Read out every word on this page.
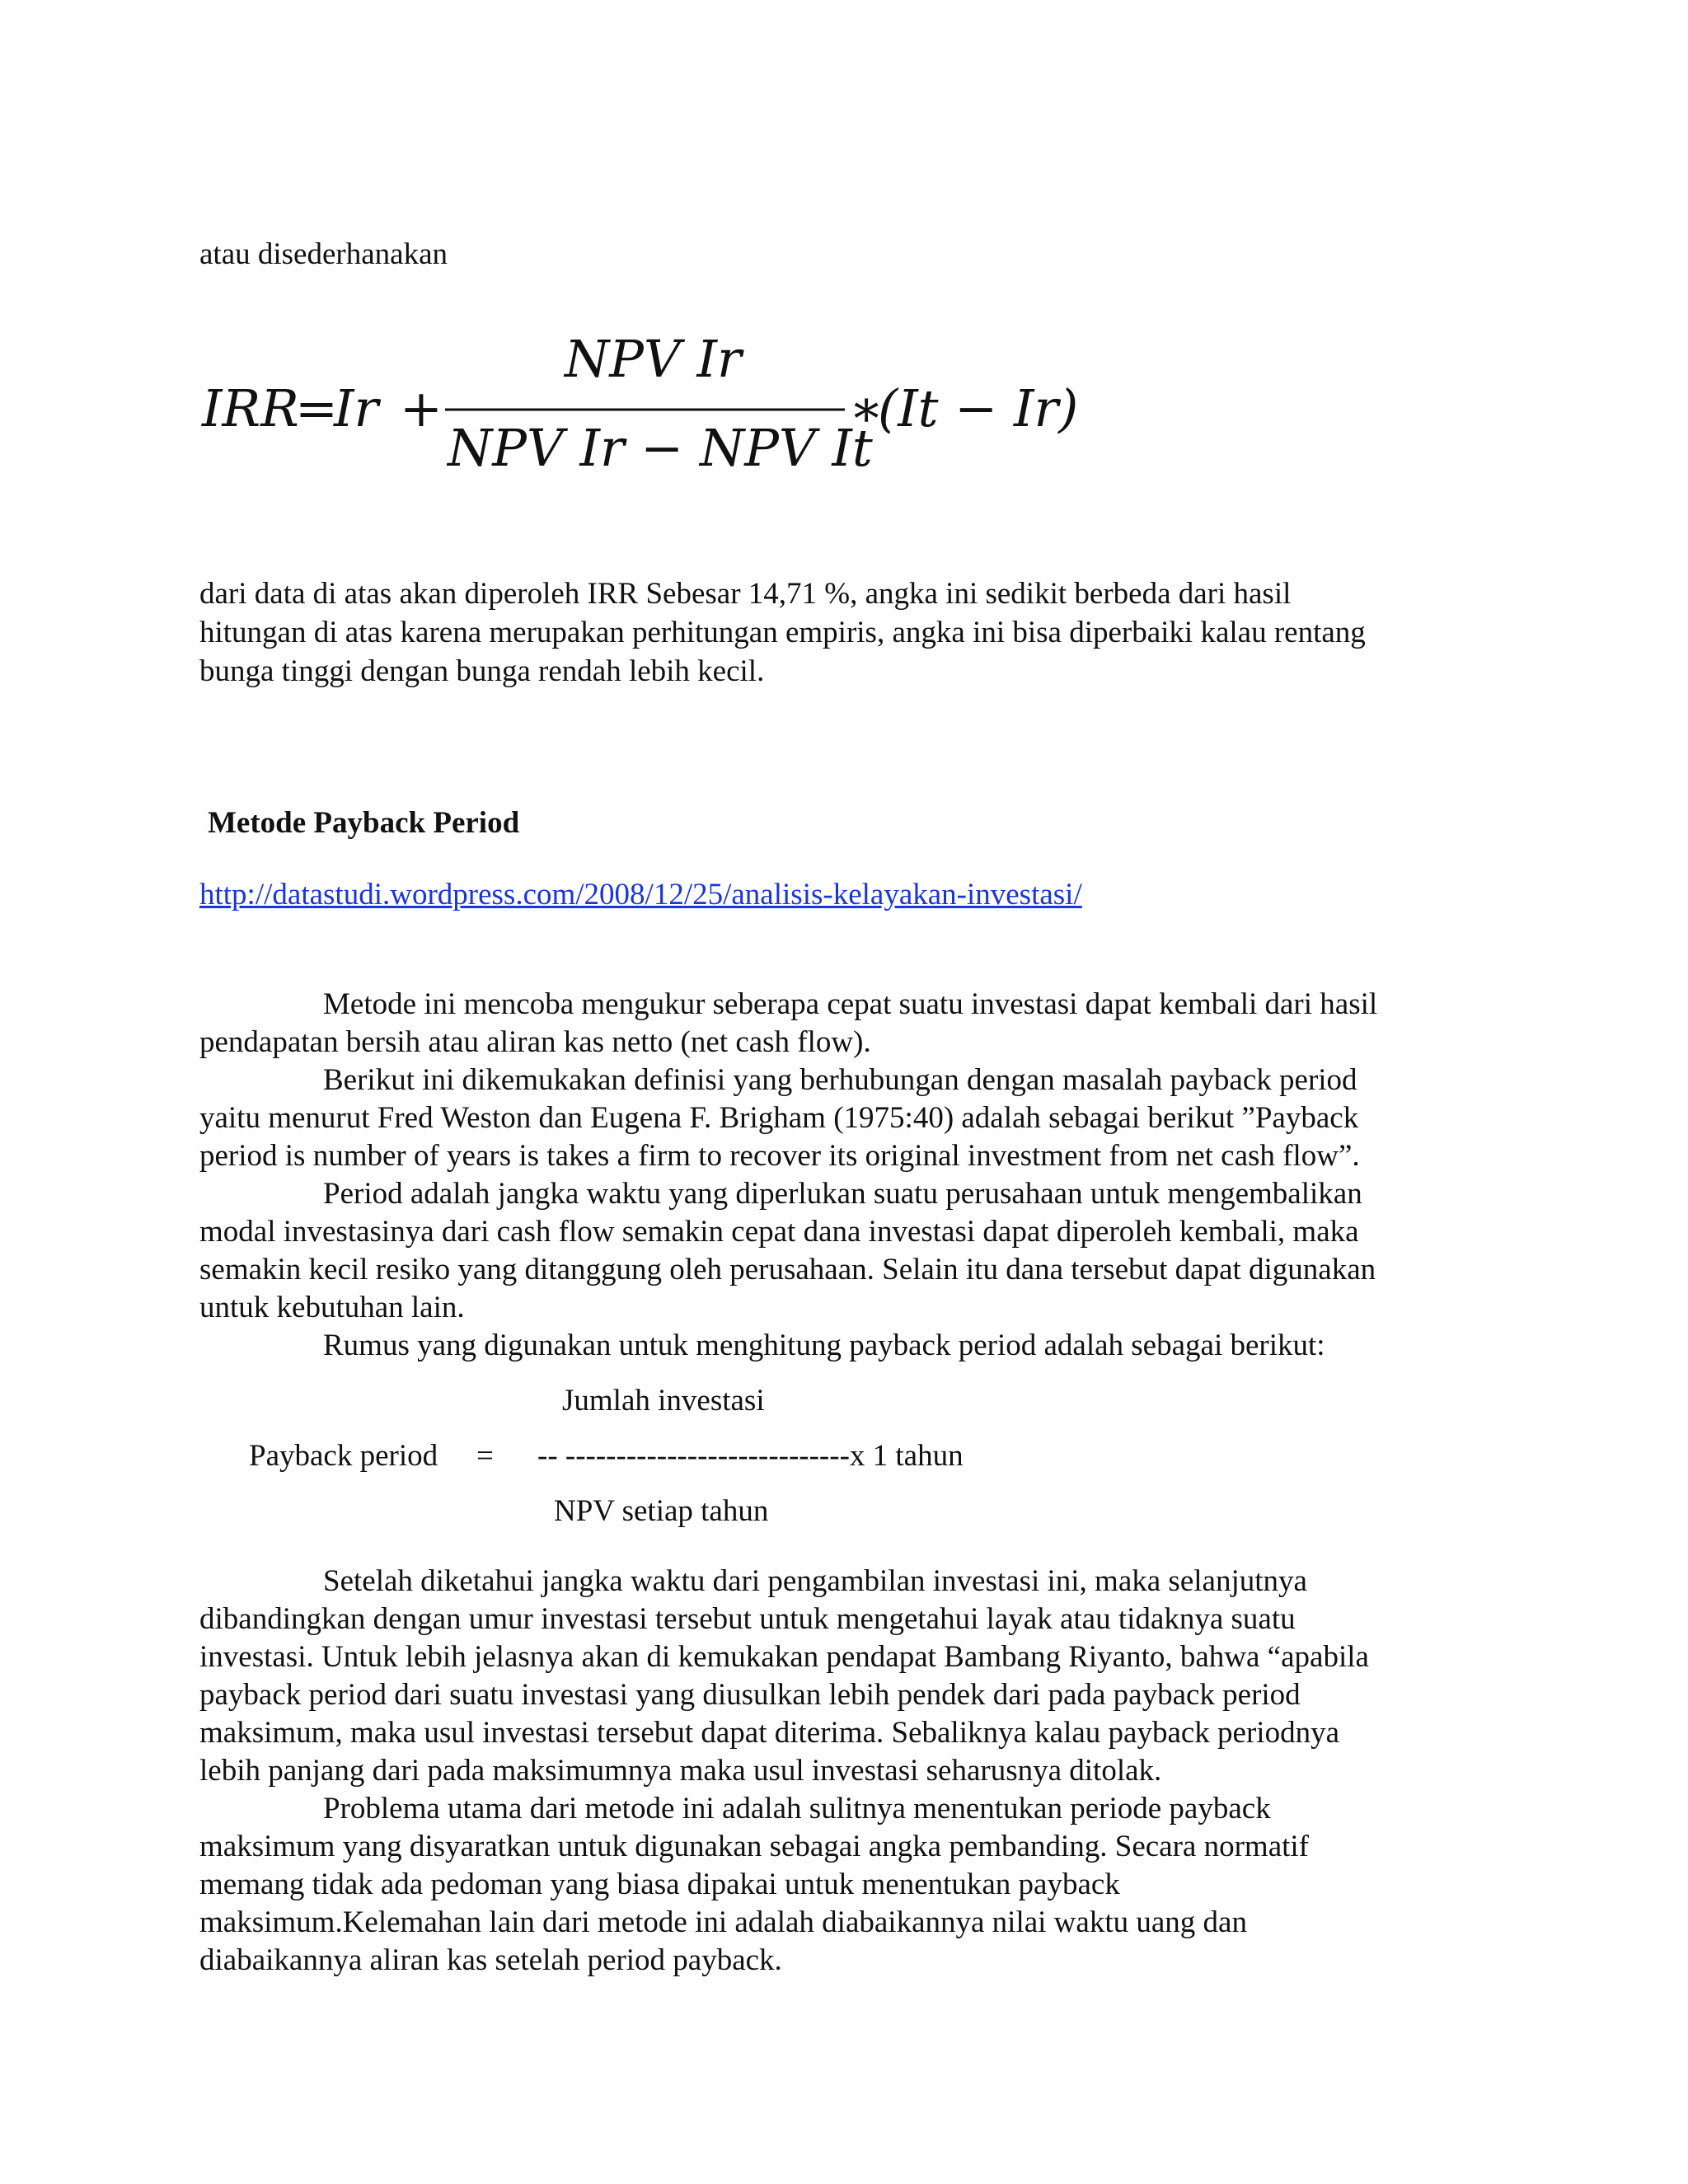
atau disederhanakan

IRR
=
Ir +
NPV Ir
NPV Ir − NPV It
∗
(It − Ir)

dari data di atas akan diperoleh IRR Sebesar 14,71 %, angka ini sedikit berbeda dari hasil

hitungan di atas karena merupakan perhitungan empiris, angka ini bisa diperbaiki kalau rentang

bunga tinggi dengan bunga rendah lebih kecil.

Metode Payback Period

http://datastudi.wordpress.com/2008/12/25/analisis-kelayakan-investasi/

Metode ini mencoba mengukur seberapa cepat suatu investasi dapat kembali dari hasil

pendapatan bersih atau aliran kas netto (net cash flow).

Berikut ini dikemukakan definisi yang berhubungan dengan masalah payback period

yaitu menurut Fred Weston dan Eugena F. Brigham (1975:40) adalah sebagai berikut ”Payback

period is number of years is takes a firm to recover its original investment from net cash flow”.

Period adalah jangka waktu yang diperlukan suatu perusahaan untuk mengembalikan

modal investasinya dari cash flow semakin cepat dana investasi dapat diperoleh kembali, maka

semakin kecil resiko yang ditanggung oleh perusahaan. Selain itu dana tersebut dapat digunakan

untuk kebutuhan lain.

Rumus yang digunakan untuk menghitung payback period adalah sebagai berikut:

Jumlah investasi
Payback period = -- ----------------------------x 1 tahun
NPV setiap tahun

Setelah diketahui jangka waktu dari pengambilan investasi ini, maka selanjutnya

dibandingkan dengan umur investasi tersebut untuk mengetahui layak atau tidaknya suatu

investasi. Untuk lebih jelasnya akan di kemukakan pendapat Bambang Riyanto, bahwa “apabila

payback period dari suatu investasi yang diusulkan lebih pendek dari pada payback period

maksimum, maka usul investasi tersebut dapat diterima. Sebaliknya kalau payback periodnya

lebih panjang dari pada maksimumnya maka usul investasi seharusnya ditolak.

Problema utama dari metode ini adalah sulitnya menentukan periode payback

maksimum yang disyaratkan untuk digunakan sebagai angka pembanding. Secara normatif

memang tidak ada pedoman yang biasa dipakai untuk menentukan payback

maksimum.Kelemahan lain dari metode ini adalah diabaikannya nilai waktu uang dan

diabaikannya aliran kas setelah period payback.
